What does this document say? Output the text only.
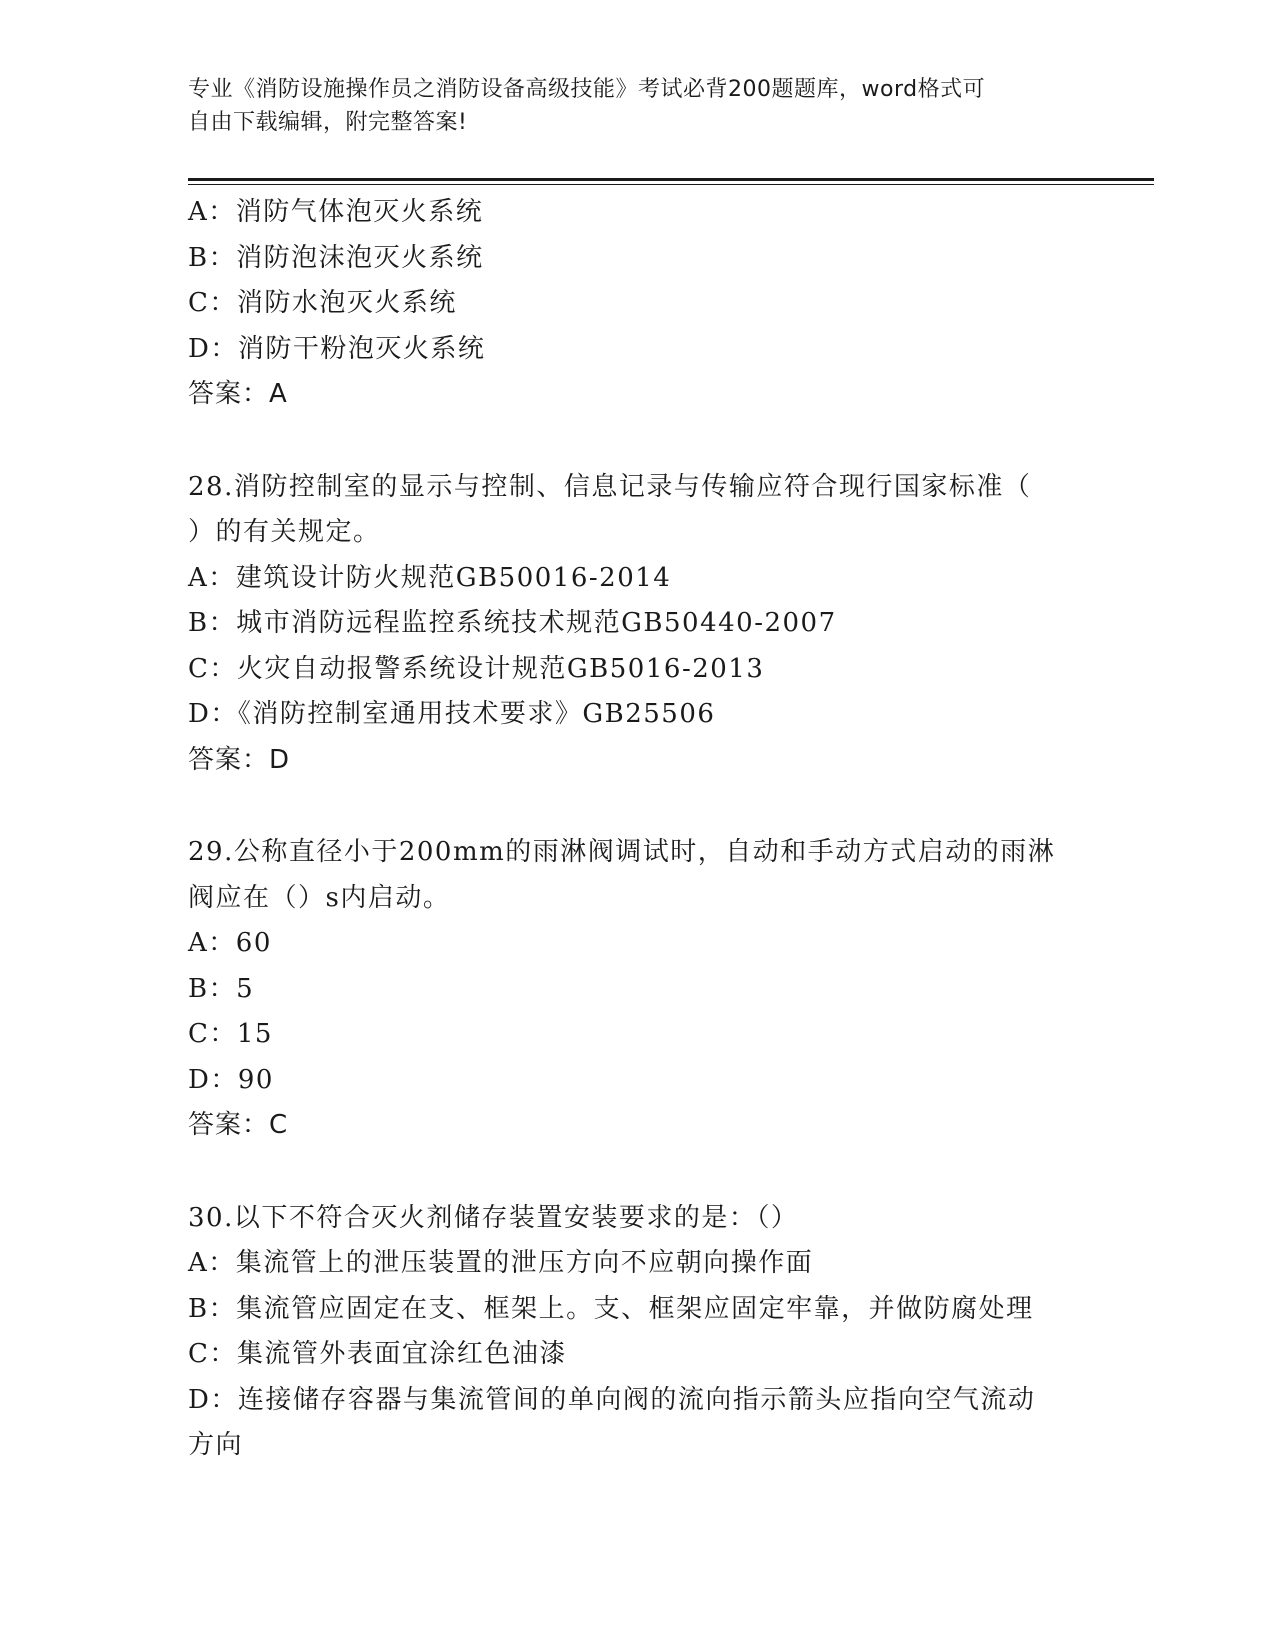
专业《消防设施操作员之消防设备高级技能》考试必背200题题库，word格式可
自由下载编辑，附完整答案!
A：消防气体泡灭火系统
B：消防泡沫泡灭火系统
C：消防水泡灭火系统
D：消防干粉泡灭火系统
答案：A
28.消防控制室的显示与控制、信息记录与传输应符合现行国家标准（
）的有关规定。
A：建筑设计防火规范GB50016-2014
B：城市消防远程监控系统技术规范GB50440-2007
C：火灾自动报警系统设计规范GB5016-2013
D：《消防控制室通用技术要求》GB25506
答案：D
29.公称直径小于200mm的雨淋阀调试时，自动和手动方式启动的雨淋
阀应在（）s内启动。
A：60
B：5
C：15
D：90
答案：C
30.以下不符合灭火剂储存装置安装要求的是：（）
A：集流管上的泄压装置的泄压方向不应朝向操作面
B：集流管应固定在支、框架上。支、框架应固定牢靠，并做防腐处理
C：集流管外表面宜涂红色油漆
D：连接储存容器与集流管间的单向阀的流向指示箭头应指向空气流动
方向
